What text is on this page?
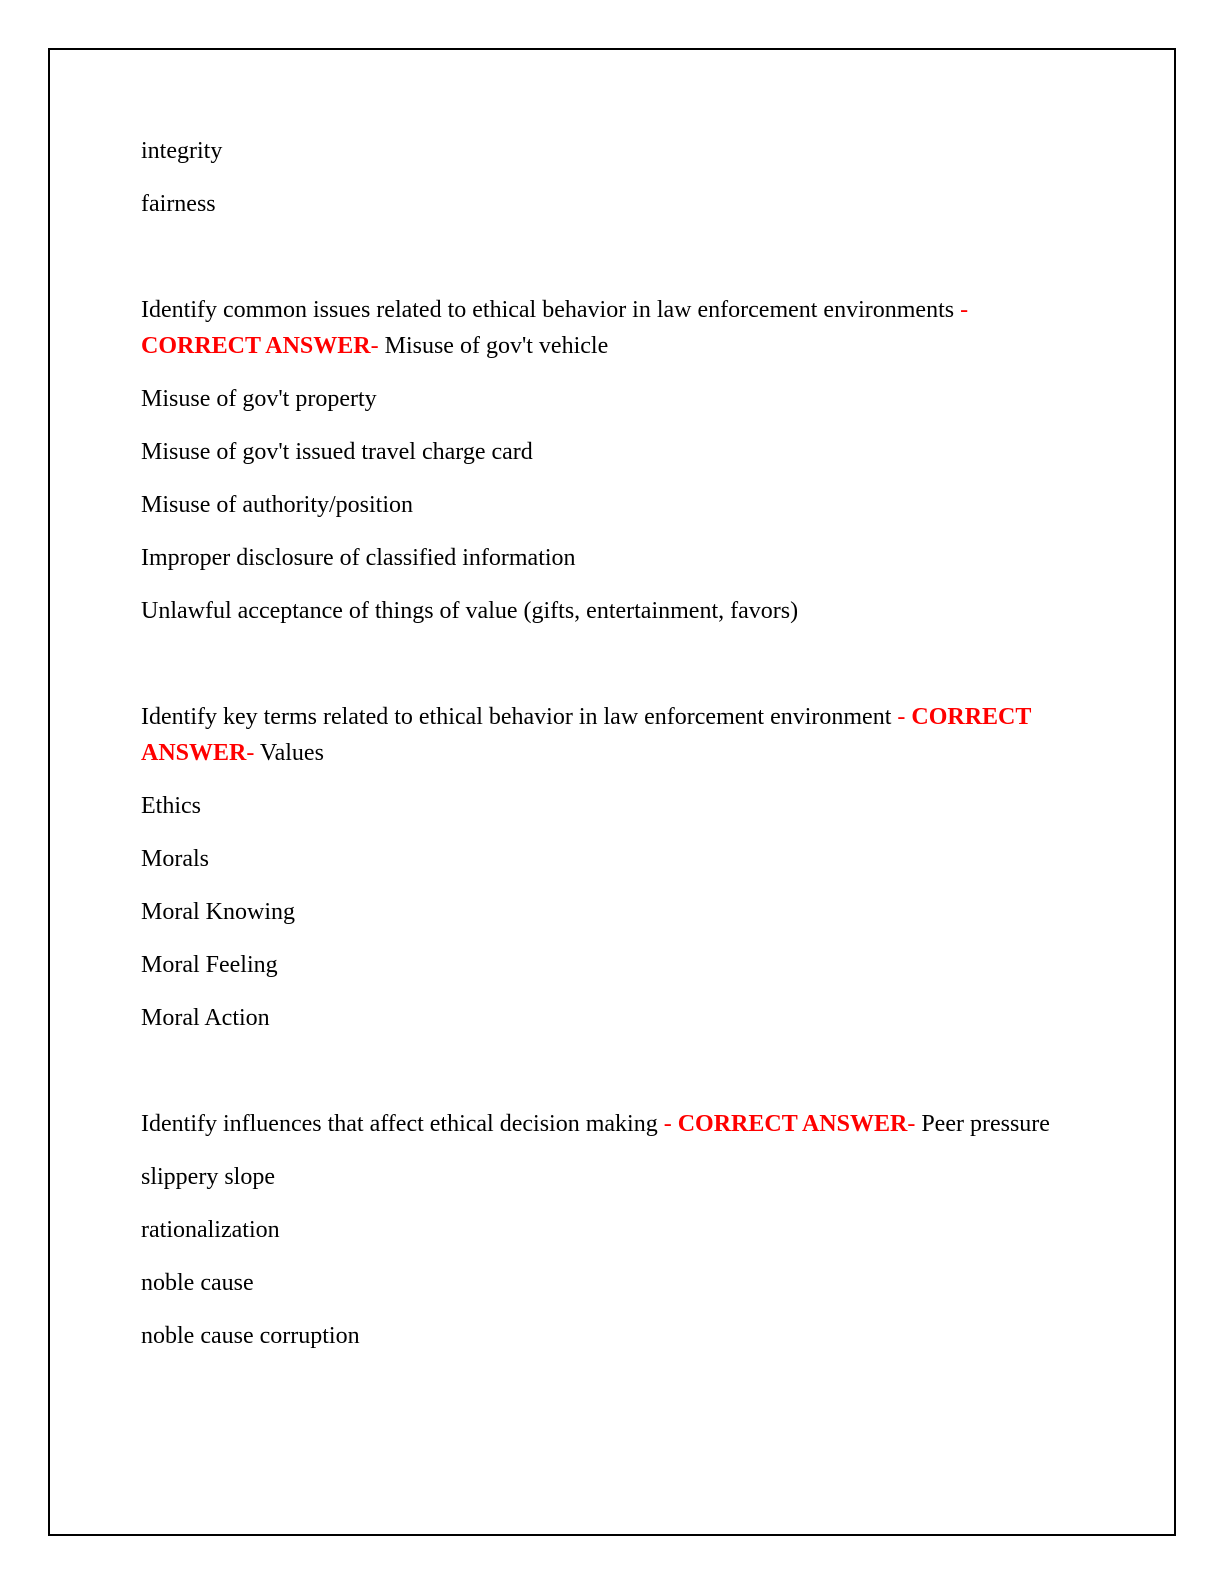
integrity

fairness

Identify common issues related to ethical behavior in law enforcement environments - CORRECT ANSWER- Misuse of gov't vehicle

Misuse of gov't property

Misuse of gov't issued travel charge card

Misuse of authority/position

Improper disclosure of classified information

Unlawful acceptance of things of value (gifts, entertainment, favors)

Identify key terms related to ethical behavior in law enforcement environment - CORRECT ANSWER- Values

Ethics

Morals

Moral Knowing

Moral Feeling

Moral Action

Identify influences that affect ethical decision making - CORRECT ANSWER- Peer pressure

slippery slope

rationalization

noble cause

noble cause corruption
